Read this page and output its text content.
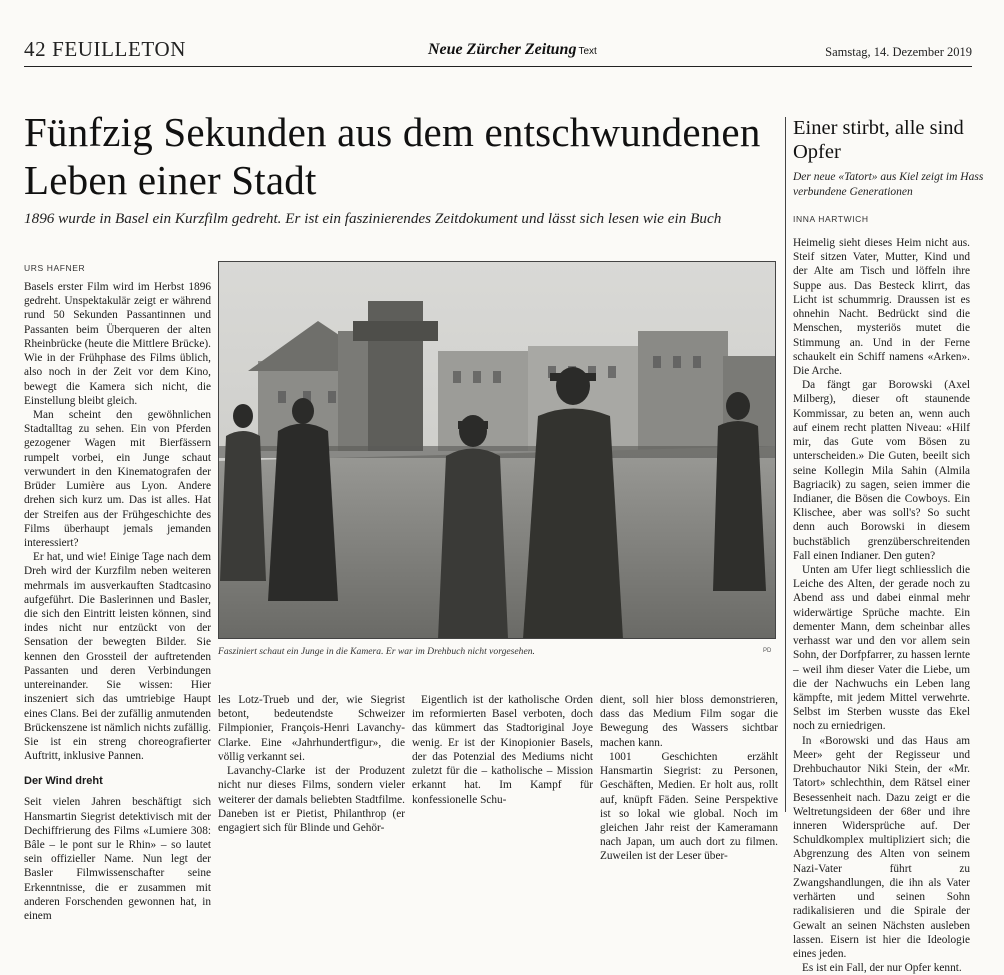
42 FEUILLETON	Neue Zürcher Zeitung Text	Samstag, 14. Dezember 2019
Fünfzig Sekunden aus dem entschwundenen Leben einer Stadt

1896 wurde in Basel ein Kurzfilm gedreht. Er ist ein faszinierendes Zeitdokument und lässt sich lesen wie ein Buch

URS HAFNER

Basels erster Film wird im Herbst 1896 gedreht. Unspektakulär zeigt er während rund 50 Sekunden Passantinnen und Passanten beim Überqueren der alten Rheinbrücke (heute die Mittlere Brücke). Wie in der Frühphase des Films üblich, also noch in der Zeit vor dem Kino, bewegt die Kamera sich nicht, die Einstellung bleibt gleich.

Man scheint den gewöhnlichen Stadtalltag zu sehen. Ein von Pferden gezogener Wagen mit Bierfässern rumpelt vorbei, ein Junge schaut verwundert in den Kinematografen der Brüder Lumière aus Lyon. Andere drehen sich kurz um. Das ist alles. Hat der Streifen aus der Frühgeschichte des Films überhaupt jemals jemanden interessiert?

Er hat, und wie! Einige Tage nach dem Dreh wird der Kurzfilm neben weiteren mehrmals im ausverkauften Stadtcasino aufgeführt. Die Baslerinnen und Basler, die sich den Eintritt leisten können, sind indes nicht nur entzückt von der Sensation der bewegten Bilder. Sie kennen den Grossteil der auftretenden Passanten und deren Verbindungen untereinander. Sie wissen: Hier inszeniert sich das umtriebige Haupt eines Clans. Bei der zufällig anmutenden Brückenszene ist nämlich nichts zufällig. Sie ist ein streng choreografierter Auftritt, inklusive Pannen.

Der Wind dreht

Seit vielen Jahren beschäftigt sich Hansmartin Siegrist detektivisch mit der Dechiffrierung des Films «Lumiere 308: Bâle – le pont sur le Rhin» – so lautet sein offizieller Name. Nun legt der Basler Filmwissenschafter seine Erkenntnisse, die er zusammen mit anderen Forschenden gewonnen hat, in einem

Fasziniert schaut ein Junge in die Kamera. Er war im Drehbuch nicht vorgesehen.	PD

les Lotz-Trueb und der, wie Siegrist betont, bedeutendste Schweizer Filmpionier, François-Henri Lavanchy-Clarke. Eine «Jahrhundertfigur», die völlig verkannt sei.

Lavanchy-Clarke ist der Produzent nicht nur dieses Films, sondern vieler weiterer der damals beliebten Stadtfilme. Daneben ist er Pietist, Philanthrop (er engagiert sich für Blinde und Gehör-

Eigentlich ist der katholische Orden im reformierten Basel verboten, doch das kümmert das Stadtoriginal Joye wenig. Er ist der Kinopionier Basels, der das Potenzial des Mediums nicht zuletzt für die – katholische – Mission erkannt hat. Im Kampf für konfessionelle Schu-

dient, soll hier bloss demonstrieren, dass das Medium Film sogar die Bewegung des Wassers sichtbar machen kann.

1001 Geschichten erzählt Hansmartin Siegrist: zu Personen, Geschäften, Medien. Er holt aus, rollt auf, knüpft Fäden. Seine Perspektive ist so lokal wie global. Noch im gleichen Jahr reist der Kameramann nach Japan, um auch dort zu filmen. Zuweilen ist der Leser über-

Einer stirbt, alle sind Opfer

Der neue «Tatort» aus Kiel zeigt im Hass verbundene Generationen

INNA HARTWICH

Heimelig sieht dieses Heim nicht aus. Steif sitzen Vater, Mutter, Kind und der Alte am Tisch und löffeln ihre Suppe aus. Das Besteck klirrt, das Licht ist schummrig. Draussen ist es ohnehin Nacht. Bedrückt sind die Menschen, mysteriös mutet die Stimmung an. Und in der Ferne schaukelt ein Schiff namens «Arken». Die Arche.

Da fängt gar Borowski (Axel Milberg), dieser oft staunende Kommissar, zu beten an, wenn auch auf einem recht platten Niveau: «Hilf mir, das Gute vom Bösen zu unterscheiden.» Die Guten, beeilt sich seine Kollegin Mila Sahin (Almila Bagriacik) zu sagen, seien immer die Indianer, die Bösen die Cowboys. Ein Klischee, aber was soll's? So sucht denn auch Borowski in diesem buchstäblich grenzüberschreitenden Fall einen Indianer. Den guten?

Unten am Ufer liegt schliesslich die Leiche des Alten, der gerade noch zu Abend ass und dabei einmal mehr widerwärtige Sprüche machte. Ein dementer Mann, dem scheinbar alles verhasst war und den vor allem sein Sohn, der Dorfpfarrer, zu hassen lernte – weil ihm dieser Vater die Liebe, um die der Nachwuchs ein Leben lang kämpfte, mit jedem Mittel verwehrte. Selbst im Sterben wusste das Ekel noch zu erniedrigen.

In «Borowski und das Haus am Meer» geht der Regisseur und Drehbuchautor Niki Stein, der «Mr. Tatort» schlechthin, dem Rätsel einer Besessenheit nach. Dazu zeigt er die Weltretungsideen der 68er und ihre inneren Widersprüche auf. Der Schuldkomplex multipliziert sich; die Abgrenzung des Alten von seinem Nazi-Vater führt zu Zwangshandlungen, die ihn als Vater verhärten und seinen Sohn radikalisieren und die Spirale der Gewalt an seinen Nächsten ausleben lassen. Eisern ist hier die Ideologie eines jeden.

Es ist ein Fall, der nur Opfer kennt.
